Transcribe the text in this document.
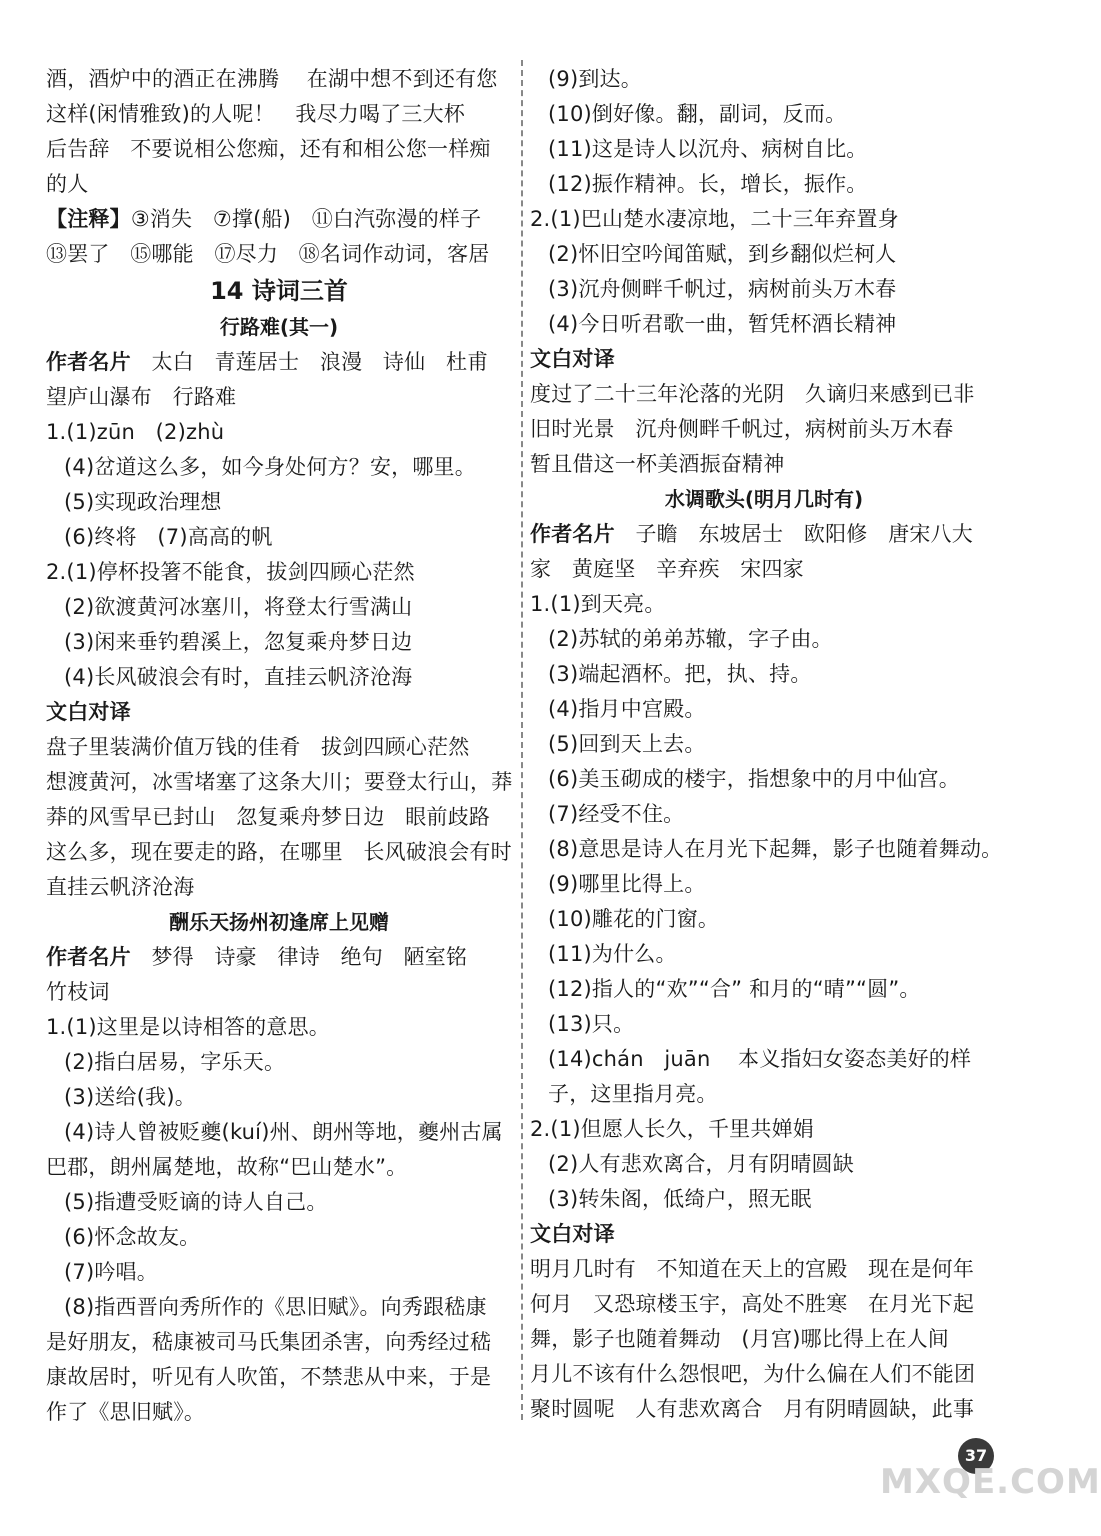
酒，酒炉中的酒正在沸腾    在湖中想不到还有您
这样(闲情雅致)的人呢！   我尽力喝了三大杯
后告辞   不要说相公您痴，还有和相公您一样痴
的人
【注释】③消失   ⑦撑(船)   ⑪白汽弥漫的样子
⑬罢了   ⑮哪能   ⑰尽力   ⑱名词作动词，客居
14 诗词三首
行路难(其一)
作者名片   太白   青莲居士   浪漫   诗仙   杜甫
望庐山瀑布   行路难
1.(1)zūn   (2)zhù
(4)岔道这么多，如今身处何方？安，哪里。
(5)实现政治理想
(6)终将   (7)高高的帆
2.(1)停杯投箸不能食，拔剑四顾心茫然
(2)欲渡黄河冰塞川，将登太行雪满山
(3)闲来垂钓碧溪上，忽复乘舟梦日边
(4)长风破浪会有时，直挂云帆济沧海
文白对译
盘子里装满价值万钱的佳肴   拔剑四顾心茫然
想渡黄河，冰雪堵塞了这条大川；要登太行山，莽
莽的风雪早已封山   忽复乘舟梦日边   眼前歧路
这么多，现在要走的路，在哪里   长风破浪会有时
直挂云帆济沧海
酬乐天扬州初逢席上见赠
作者名片   梦得   诗豪   律诗   绝句   陋室铭
竹枝词
1.(1)这里是以诗相答的意思。
(2)指白居易，字乐天。
(3)送给(我)。
(4)诗人曾被贬夔(kuí)州、朗州等地，夔州古属
巴郡，朗州属楚地，故称“巴山楚水”。
(5)指遭受贬谪的诗人自己。
(6)怀念故友。
(7)吟唱。
(8)指西晋向秀所作的《思旧赋》。向秀跟嵇康
是好朋友，嵇康被司马氏集团杀害，向秀经过嵇
康故居时，听见有人吹笛，不禁悲从中来，于是
作了《思旧赋》。
(9)到达。
(10)倒好像。翻，副词，反而。
(11)这是诗人以沉舟、病树自比。
(12)振作精神。长，增长，振作。
2.(1)巴山楚水凄凉地，二十三年弃置身
(2)怀旧空吟闻笛赋，到乡翻似烂柯人
(3)沉舟侧畔千帆过，病树前头万木春
(4)今日听君歌一曲，暂凭杯酒长精神
文白对译
度过了二十三年沦落的光阴   久谪归来感到已非
旧时光景   沉舟侧畔千帆过，病树前头万木春
暂且借这一杯美酒振奋精神
水调歌头(明月几时有)
作者名片   子瞻   东坡居士   欧阳修   唐宋八大
家   黄庭坚   辛弃疾   宋四家
1.(1)到天亮。
(2)苏轼的弟弟苏辙，字子由。
(3)端起酒杯。把，执、持。
(4)指月中宫殿。
(5)回到天上去。
(6)美玉砌成的楼宇，指想象中的月中仙宫。
(7)经受不住。
(8)意思是诗人在月光下起舞，影子也随着舞动。
(9)哪里比得上。
(10)雕花的门窗。
(11)为什么。
(12)指人的“欢”“合” 和月的“晴”“圆”。
(13)只。
(14)chán   juān    本义指妇女姿态美好的样
子，这里指月亮。
2.(1)但愿人长久，千里共婵娟
(2)人有悲欢离合，月有阴晴圆缺
(3)转朱阁，低绮户，照无眠
文白对译
明月几时有   不知道在天上的宫殿   现在是何年
何月   又恐琼楼玉宇，高处不胜寒   在月光下起
舞，影子也随着舞动   (月宫)哪比得上在人间
月儿不该有什么怨恨吧，为什么偏在人们不能团
聚时圆呢   人有悲欢离合   月有阴晴圆缺，此事
37
MXQE.COM
